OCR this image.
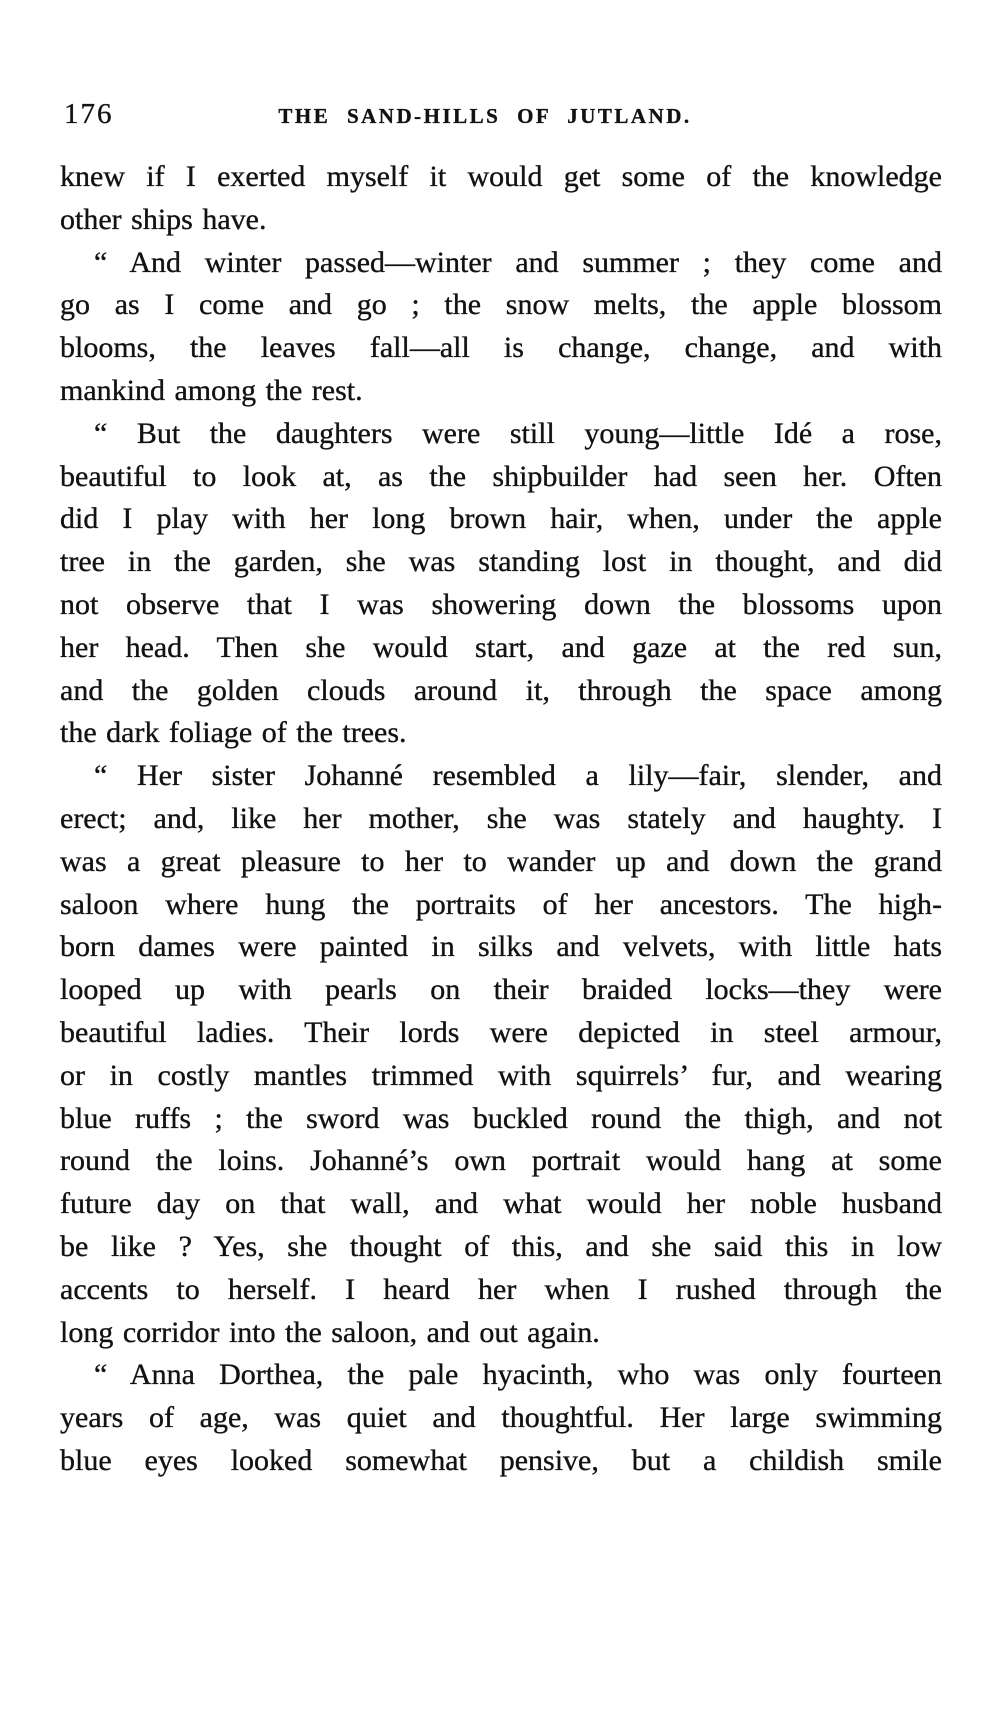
176	THE SAND-HILLS OF JUTLAND.
knew if I exerted myself it would get some of the knowledge
other ships have.
“ And winter passed—winter and summer ; they come and
go as I come and go ; the snow melts, the apple blossom
blooms, the leaves fall—all is change, change, and with
mankind among the rest.
“ But the daughters were still young—little Idé a rose,
beautiful to look at, as the shipbuilder had seen her. Often
did I play with her long brown hair, when, under the apple
tree in the garden, she was standing lost in thought, and did
not observe that I was showering down the blossoms upon
her head. Then she would start, and gaze at the red sun,
and the golden clouds around it, through the space among
the dark foliage of the trees.
“ Her sister Johanné resembled a lily—fair, slender, and
erect; and, like her mother, she was stately and haughty. I
was a great pleasure to her to wander up and down the grand
saloon where hung the portraits of her ancestors. The high-
born dames were painted in silks and velvets, with little hats
looped up with pearls on their braided locks—they were
beautiful ladies. Their lords were depicted in steel armour,
or in costly mantles trimmed with squirrels’ fur, and wearing
blue ruffs ; the sword was buckled round the thigh, and not
round the loins. Johanné’s own portrait would hang at some
future day on that wall, and what would her noble husband
be like ? Yes, she thought of this, and she said this in low
accents to herself. I heard her when I rushed through the
long corridor into the saloon, and out again.
“ Anna Dorthea, the pale hyacinth, who was only fourteen
years of age, was quiet and thoughtful. Her large swimming
blue eyes looked somewhat pensive, but a childish smile
